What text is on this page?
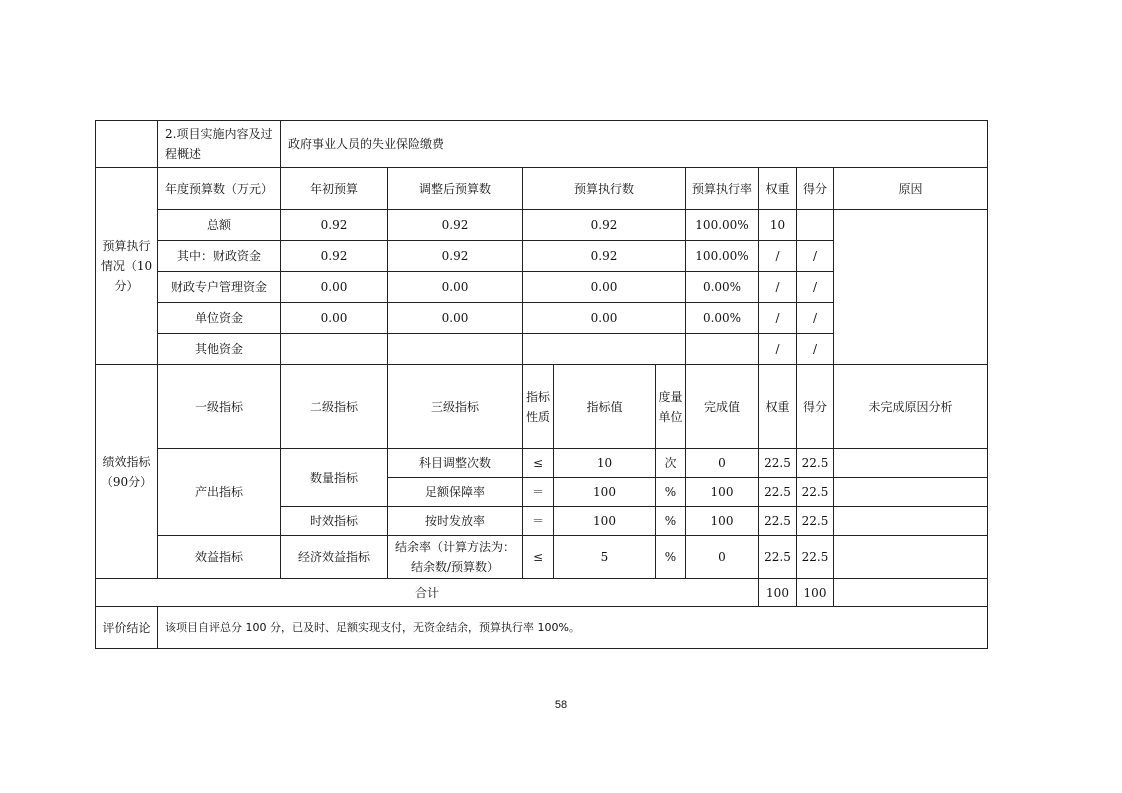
	2.项目实施内容及过程概述	政府事业人员的失业保险缴费								
预算执行情况（10分）	年度预算数（万元）	年初预算	调整后预算数	预算执行数			预算执行率	权重	得分	原因
	总额	0.92	0.92	0.92			100.00%	10		
	其中：财政资金	0.92	0.92	0.92			100.00%	/	/	
	财政专户管理资金	0.00	0.00	0.00			0.00%	/	/	
	单位资金	0.00	0.00	0.00			0.00%	/	/	
	其他资金							/	/	
绩效指标（90分）	一级指标	二级指标	三级指标	指标性质	指标值	度量单位	完成值	权重	得分	未完成原因分析
	产出指标	数量指标	科目调整次数	≤	10	次	0	22.5	22.5	
			足额保障率	＝	100	%	100	22.5	22.5	
		时效指标	按时发放率	＝	100	%	100	22.5	22.5	
	效益指标	经济效益指标	结余率（计算方法为：结余数/预算数）	≤	5	%	0	22.5	22.5	
合计								100	100	
评价结论	该项目自评总分 100 分，已及时、足额实现支付，无资金结余，预算执行率 100%。									
58
